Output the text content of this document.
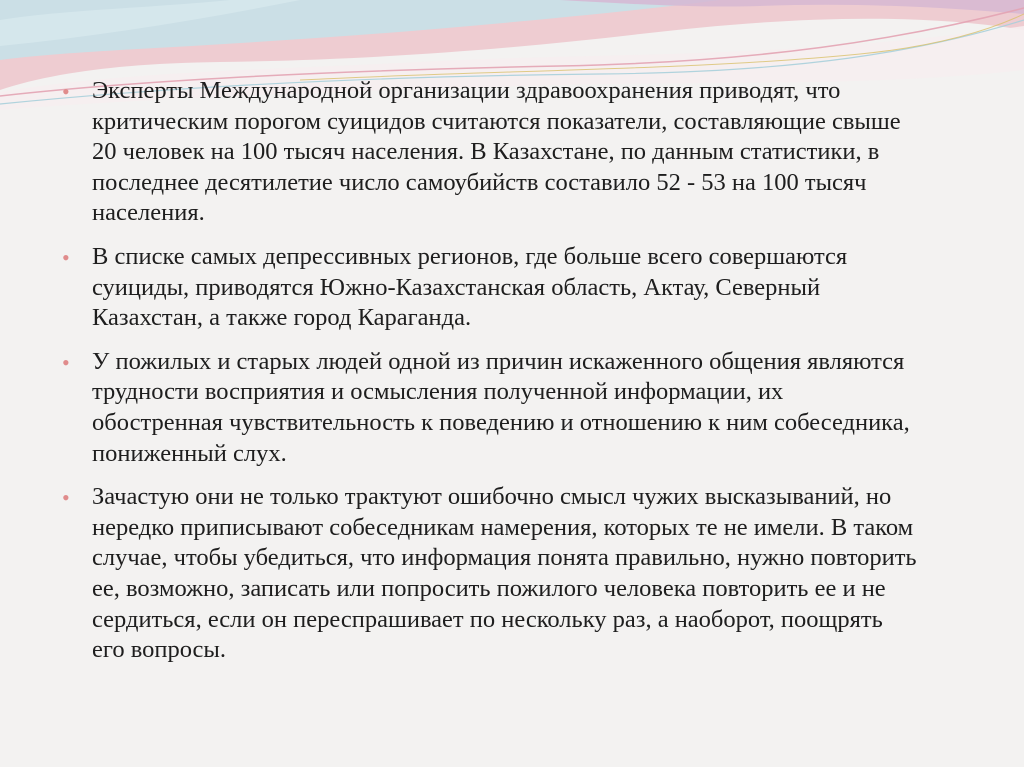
• Эксперты Международной организации здравоохранения приводят, что критическим порогом суицидов считаются показатели, составляющие свыше 20 человек на 100 тысяч населения. В Казахстане, по данным статистики, в последнее десятилетие число самоубийств составило 52 - 53 на 100 тысяч населения.
• В списке самых депрессивных регионов, где больше всего совершаются суициды, приводятся Южно-Казахстанская область, Актау, Северный Казахстан, а также город Караганда.
• У пожилых и старых людей одной из причин искаженного общения являются трудности восприятия и осмысления полученной информации, их обостренная чувствительность к поведению и отношению к ним собеседника, пониженный слух.
• Зачастую они не только трактуют ошибочно смысл чужих высказываний, но нередко приписывают собеседникам намерения, которых те не имели. В таком случае, чтобы убедиться, что информация понята правильно, нужно повторить ее, возможно, записать или попросить пожилого человека повторить ее и не сердиться, если он переспрашивает по нескольку раз, а наоборот, поощрять его вопросы.
